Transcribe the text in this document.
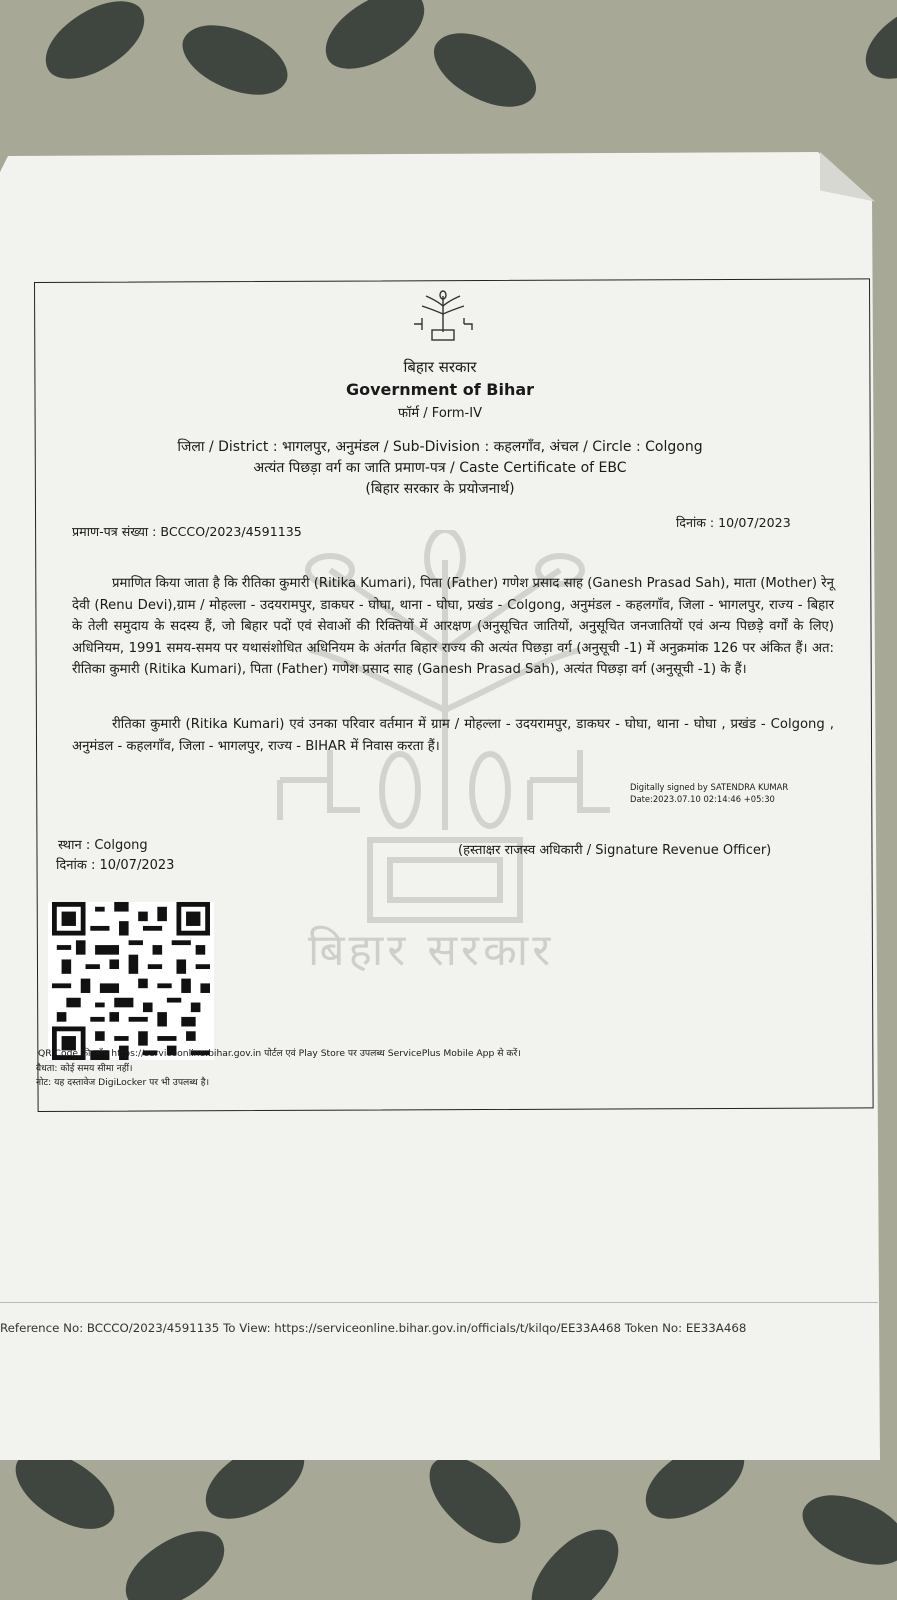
बिहार सरकार
बिहार सरकार
Government of Bihar
फॉर्म / Form-IV
जिला / District : भागलपुर, अनुमंडल / Sub-Division : कहलगाँव, अंचल / Circle : Colgong
अत्यंत पिछड़ा वर्ग का जाति प्रमाण-पत्र / Caste Certificate of EBC
(बिहार सरकार के प्रयोजनार्थ)
प्रमाण-पत्र संख्या : BCCCO/2023/4591135
दिनांक : 10/07/2023
प्रमाणित किया जाता है कि रीतिका कुमारी (Ritika Kumari), पिता (Father) गणेश प्रसाद साह (Ganesh Prasad Sah), माता (Mother) रेनू देवी (Renu Devi),ग्राम / मोहल्ला - उदयरामपुर, डाकघर - घोघा, थाना - घोघा, प्रखंड - Colgong, अनुमंडल - कहलगाँव, जिला - भागलपुर, राज्य - बिहार के तेली समुदाय के सदस्य हैं, जो बिहार पदों एवं सेवाओं की रिक्तियों में आरक्षण (अनुसूचित जातियों, अनुसूचित जनजातियों एवं अन्य पिछड़े वर्गों के लिए) अधिनियम, 1991 समय-समय पर यथासंशोधित अधिनियम के अंतर्गत बिहार राज्य की अत्यंत पिछड़ा वर्ग (अनुसूची -1) में अनुक्रमांक 126 पर अंकित हैं। अत: रीतिका कुमारी (Ritika Kumari), पिता (Father) गणेश प्रसाद साह (Ganesh Prasad Sah), अत्यंत पिछड़ा वर्ग (अनुसूची -1) के हैं।
रीतिका कुमारी (Ritika Kumari) एवं उनका परिवार वर्तमान में ग्राम / मोहल्ला - उदयरामपुर, डाकघर - घोघा, थाना - घोघा , प्रखंड - Colgong , अनुमंडल - कहलगाँव, जिला - भागलपुर, राज्य - BIHAR में निवास करता हैं।
Digitally signed by SATENDRA KUMAR
Date:2023.07.10 02:14:46 +05:30
स्थान : Colgong
दिनांक : 10/07/2023
(हस्ताक्षर राजस्व अधिकारी / Signature Revenue Officer)
QR Code की जाँच https://serviceonline.bihar.gov.in पोर्टल एवं Play Store पर उपलब्ध ServicePlus Mobile App से करें।
वैधता: कोई समय सीमा नहीं।
नोट: यह दस्तावेज DigiLocker पर भी उपलब्ध है।
Reference No: BCCCO/2023/4591135 To View: https://serviceonline.bihar.gov.in/officials/t/kilqo/EE33A468 Token No: EE33A468
